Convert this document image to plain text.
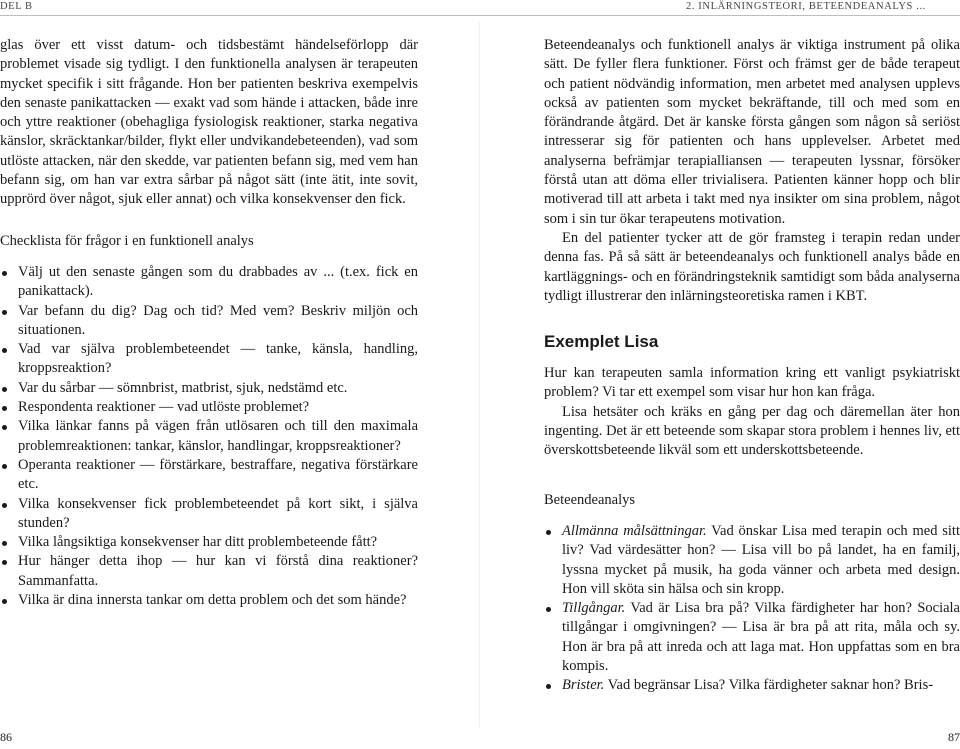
DEL B	2. INLÄRNINGSTEORI, BETEENDEANALYS ...

glas över ett visst datum- och tidsbestämt händelseförlopp där problemet visade sig tydligt. I den funktionella analysen är terapeuten mycket specifik i sitt frågande. Hon ber patienten beskriva exempelvis den senaste panikattacken — exakt vad som hände i attacken, både inre och yttre reaktioner (obehagliga fysiologisk reaktioner, starka negativa känslor, skräcktankar/bilder, flykt eller undvikandebeteenden), vad som utlöste attacken, när den skedde, var patienten befann sig, med vem han befann sig, om han var extra sårbar på något sätt (inte ätit, inte sovit, upprörd över något, sjuk eller annat) och vilka konsekvenser den fick.

Checklista för frågor i en funktionell analys
Välj ut den senaste gången som du drabbades av ... (t.ex. fick en panikattack).
Var befann du dig? Dag och tid? Med vem? Beskriv miljön och situationen.
Vad var själva problembeteendet — tanke, känsla, handling, kroppsreaktion?
Var du sårbar — sömnbrist, matbrist, sjuk, nedstämd etc.
Respondenta reaktioner — vad utlöste problemet?
Vilka länkar fanns på vägen från utlösaren och till den maximala problemreaktionen: tankar, känslor, handlingar, kroppsreaktioner?
Operanta reaktioner — förstärkare, bestraffare, negativa förstärkare etc.
Vilka konsekvenser fick problembeteendet på kort sikt, i själva stunden?
Vilka långsiktiga konsekvenser har ditt problembeteende fått?
Hur hänger detta ihop — hur kan vi förstå dina reaktioner? Sammanfatta.
Vilka är dina innersta tankar om detta problem och det som hände?

Beteendeanalys och funktionell analys är viktiga instrument på olika sätt. De fyller flera funktioner. Först och främst ger de både terapeut och patient nödvändig information, men arbetet med analysen upplevs också av patienten som mycket bekräftande, till och med som en förändrande åtgärd. Det är kanske första gången som någon så seriöst intresserar sig för patienten och hans upplevelser. Arbetet med analyserna befrämjar terapialliansen — terapeuten lyssnar, försöker förstå utan att döma eller trivialisera. Patienten känner hopp och blir motiverad till att arbeta i takt med nya insikter om sina problem, något som i sin tur ökar terapeutens motivation.

En del patienter tycker att de gör framsteg i terapin redan under denna fas. På så sätt är beteendeanalys och funktionell analys både en kartläggnings- och en förändringsteknik samtidigt som båda analyserna tydligt illustrerar den inlärningsteoretiska ramen i KBT.

Exemplet Lisa

Hur kan terapeuten samla information kring ett vanligt psykiatriskt problem? Vi tar ett exempel som visar hur hon kan fråga.

Lisa hetsäter och kräks en gång per dag och däremellan äter hon ingenting. Det är ett beteende som skapar stora problem i hennes liv, ett överskottsbeteende likväl som ett underskottsbeteende.

Beteendeanalys
Allmänna målsättningar. Vad önskar Lisa med terapin och med sitt liv? Vad värdesätter hon? — Lisa vill bo på landet, ha en familj, lyssna mycket på musik, ha goda vänner och arbeta med design. Hon vill sköta sin hälsa och sin kropp.
Tillgångar. Vad är Lisa bra på? Vilka färdigheter har hon? Sociala tillgångar i omgivningen? — Lisa är bra på att rita, måla och sy. Hon är bra på att inreda och att laga mat. Hon uppfattas som en bra kompis.
Brister. Vad begränsar Lisa? Vilka färdigheter saknar hon? Bris-
86	87
